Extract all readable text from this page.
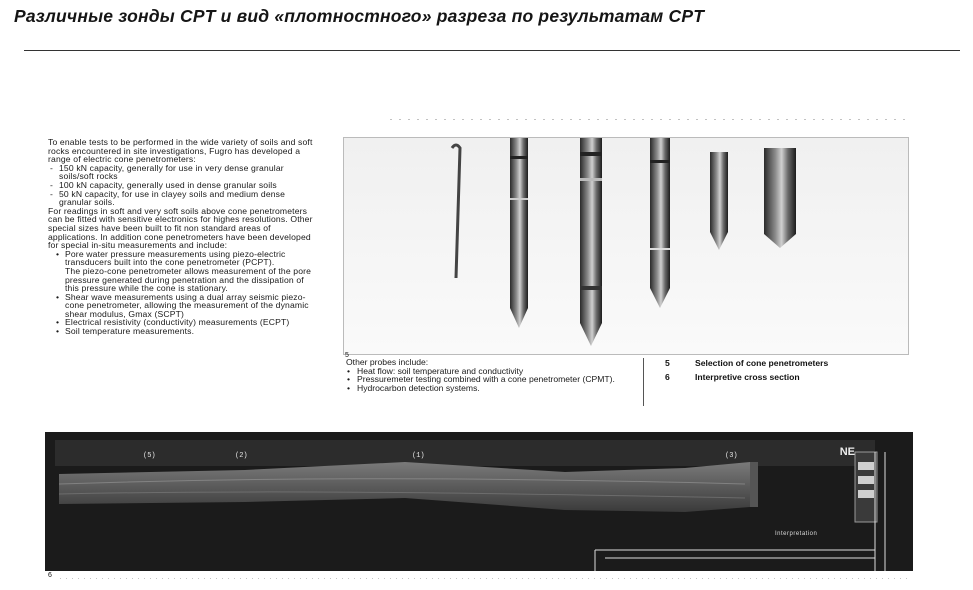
Различные зонды CPT и вид «плотностного» разреза по результатам CPT

To enable tests to be performed in the wide variety of soils and soft rocks encountered in site investigations, Fugro has developed a range of electric cone penetrometers:

- 150 kN capacity, generally for use in very dense granular soils/soft rocks
- 100 kN capacity, generally used in dense granular soils
- 50 kN capacity, for use in clayey soils and medium dense granular soils.

For readings in soft and very soft soils above cone penetrometers can be fitted with sensitive electronics for highes resolutions. Other special sizes have been built to fit non standard areas of applications. In addition cone penetrometers have been developed for special in-situ measurements and include:

• Pore water pressure measurements using piezo-electric transducers built into the cone penetrometer (PCPT).
The piezo-cone penetrometer allows measurement of the pore pressure generated during penetration and the dissipation of this pressure while the cone is stationary.
• Shear wave measurements using a dual array seismic piezo-cone penetrometer, allowing the measurement of the dynamic shear modulus, Gmax (SCPT)
• Electrical resistivity (conductivity) measurements (ECPT)
• Soil temperature measurements.
5
Other probes include:
• Heat flow: soil temperature and conductivity
• Pressuremeter testing combined with a cone penetrometer (CPMT).
• Hydrocarbon detection systems.
5	Selection of cone penetrometers
6	Interpretive cross section
(5)	(2)	(1)	(3)	NE
Interpretation
6
